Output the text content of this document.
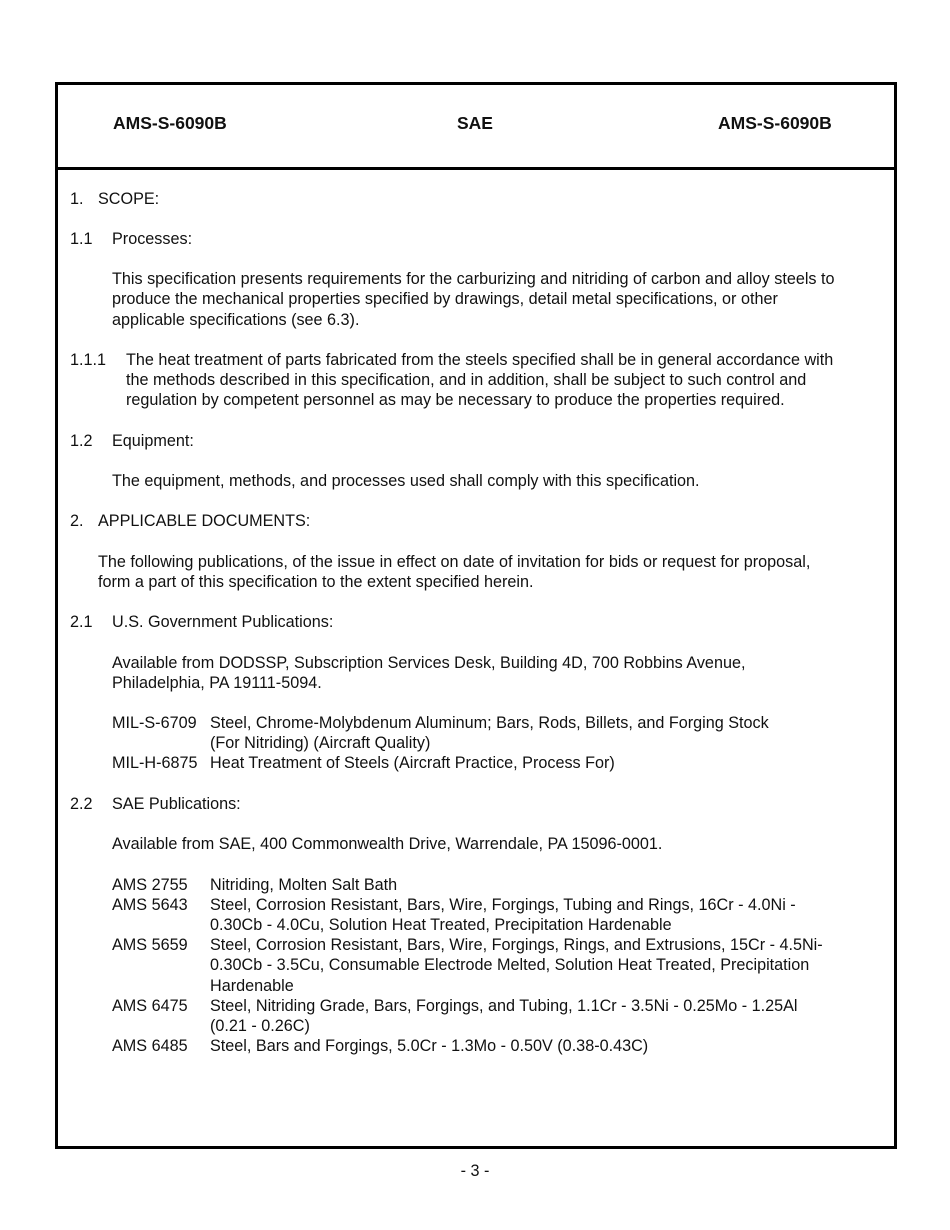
AMS-S-6090B	SAE	AMS-S-6090B
1. SCOPE:
1.1 Processes:
This specification presents requirements for the carburizing and nitriding of carbon and alloy steels to
produce the mechanical properties specified by drawings, detail metal specifications, or other
applicable specifications (see 6.3).
1.1.1 The heat treatment of parts fabricated from the steels specified shall be in general accordance with
the methods described in this specification, and in addition, shall be subject to such control and
regulation by competent personnel as may be necessary to produce the properties required.
1.2 Equipment:
The equipment, methods, and processes used shall comply with this specification.
2. APPLICABLE DOCUMENTS:
The following publications, of the issue in effect on date of invitation for bids or request for proposal,
form a part of this specification to the extent specified herein.
2.1 U.S. Government Publications:
Available from DODSSP, Subscription Services Desk, Building 4D, 700 Robbins Avenue,
Philadelphia, PA 19111-5094.
MIL-S-6709 Steel, Chrome-Molybdenum Aluminum; Bars, Rods, Billets, and Forging Stock
(For Nitriding) (Aircraft Quality)
MIL-H-6875 Heat Treatment of Steels (Aircraft Practice, Process For)
2.2 SAE Publications:
Available from SAE, 400 Commonwealth Drive, Warrendale, PA 15096-0001.
AMS 2755 Nitriding, Molten Salt Bath
AMS 5643 Steel, Corrosion Resistant, Bars, Wire, Forgings, Tubing and Rings, 16Cr - 4.0Ni -
0.30Cb - 4.0Cu, Solution Heat Treated, Precipitation Hardenable
AMS 5659 Steel, Corrosion Resistant, Bars, Wire, Forgings, Rings, and Extrusions, 15Cr - 4.5Ni-
0.30Cb - 3.5Cu, Consumable Electrode Melted, Solution Heat Treated, Precipitation
Hardenable
AMS 6475 Steel, Nitriding Grade, Bars, Forgings, and Tubing, 1.1Cr - 3.5Ni - 0.25Mo - 1.25Al
(0.21 - 0.26C)
AMS 6485 Steel, Bars and Forgings, 5.0Cr - 1.3Mo - 0.50V (0.38-0.43C)
- 3 -
